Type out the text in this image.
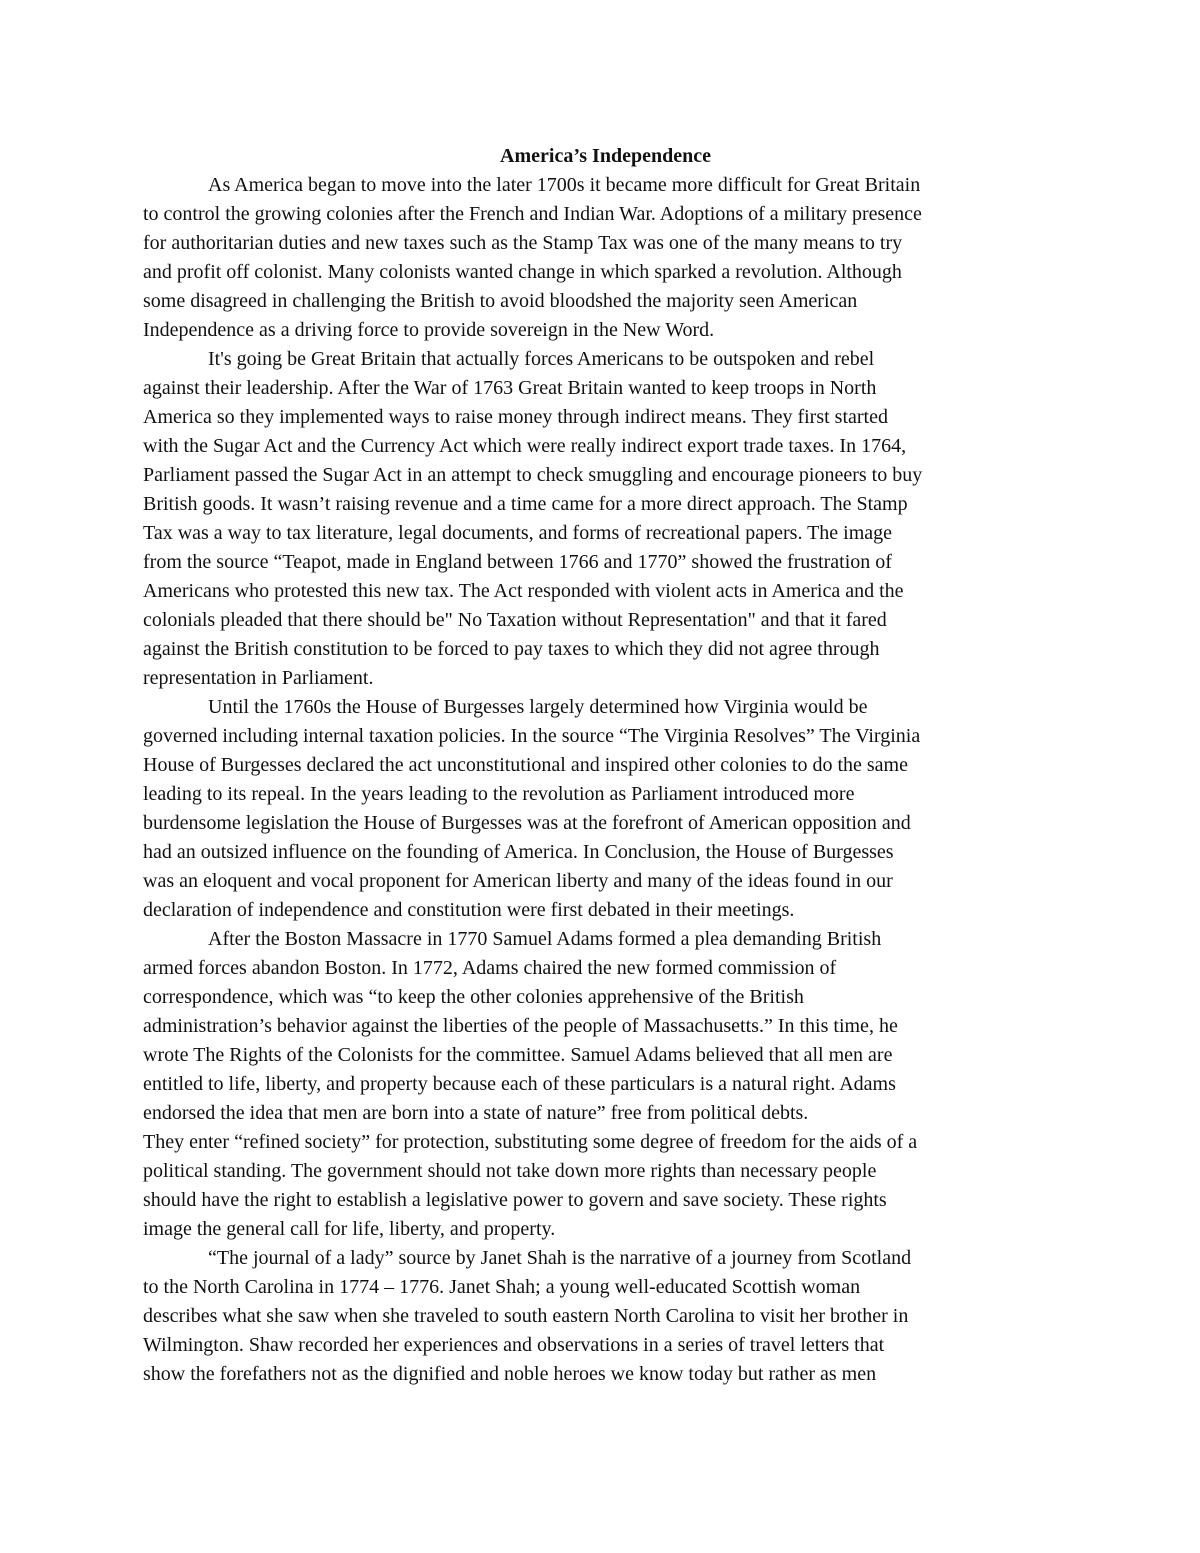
America’s Independence
As America began to move into the later 1700s it became more difficult for Great Britain
to control the growing colonies after the French and Indian War. Adoptions of a military presence
for authoritarian duties and new taxes such as the Stamp Tax was one of the many means to try
and profit off colonist. Many colonists wanted change in which sparked a revolution. Although
some disagreed in challenging the British to avoid bloodshed the majority seen American
Independence as a driving force to provide sovereign in the New Word.
It's going be Great Britain that actually forces Americans to be outspoken and rebel
against their leadership. After the War of 1763 Great Britain wanted to keep troops in North
America so they implemented ways to raise money through indirect means. They first started
with the Sugar Act and the Currency Act which were really indirect export trade taxes. In 1764,
Parliament passed the Sugar Act in an attempt to check smuggling and encourage pioneers to buy
British goods. It wasn’t raising revenue and a time came for a more direct approach. The Stamp
Tax was a way to tax literature, legal documents, and forms of recreational papers. The image
from the source “Teapot, made in England between 1766 and 1770” showed the frustration of
Americans who protested this new tax. The Act responded with violent acts in America and the
colonials pleaded that there should be" No Taxation without Representation" and that it fared
against the British constitution to be forced to pay taxes to which they did not agree through
representation in Parliament.
Until the 1760s the House of Burgesses largely determined how Virginia would be
governed including internal taxation policies. In the source “The Virginia Resolves” The Virginia
House of Burgesses declared the act unconstitutional and inspired other colonies to do the same
leading to its repeal. In the years leading to the revolution as Parliament introduced more
burdensome legislation the House of Burgesses was at the forefront of American opposition and
had an outsized influence on the founding of America. In Conclusion, the House of Burgesses
was an eloquent and vocal proponent for American liberty and many of the ideas found in our
declaration of independence and constitution were first debated in their meetings.
After the Boston Massacre in 1770 Samuel Adams formed a plea demanding British
armed forces abandon Boston. In 1772, Adams chaired the new formed commission of
correspondence, which was “to keep the other colonies apprehensive of the British
administration’s behavior against the liberties of the people of Massachusetts.” In this time, he
wrote The Rights of the Colonists for the committee. Samuel Adams believed that all men are
entitled to life, liberty, and property because each of these particulars is a natural right. Adams
endorsed the idea that men are born into a state of nature” free from political debts.
They enter “refined society” for protection, substituting some degree of freedom for the aids of a
political standing. The government should not take down more rights than necessary people
should have the right to establish a legislative power to govern and save society. These rights
image the general call for life, liberty, and property.
“The journal of a lady” source by Janet Shah is the narrative of a journey from Scotland
to the North Carolina in 1774 – 1776. Janet Shah; a young well-educated Scottish woman
describes what she saw when she traveled to south eastern North Carolina to visit her brother in
Wilmington. Shaw recorded her experiences and observations in a series of travel letters that
show the forefathers not as the dignified and noble heroes we know today but rather as men
